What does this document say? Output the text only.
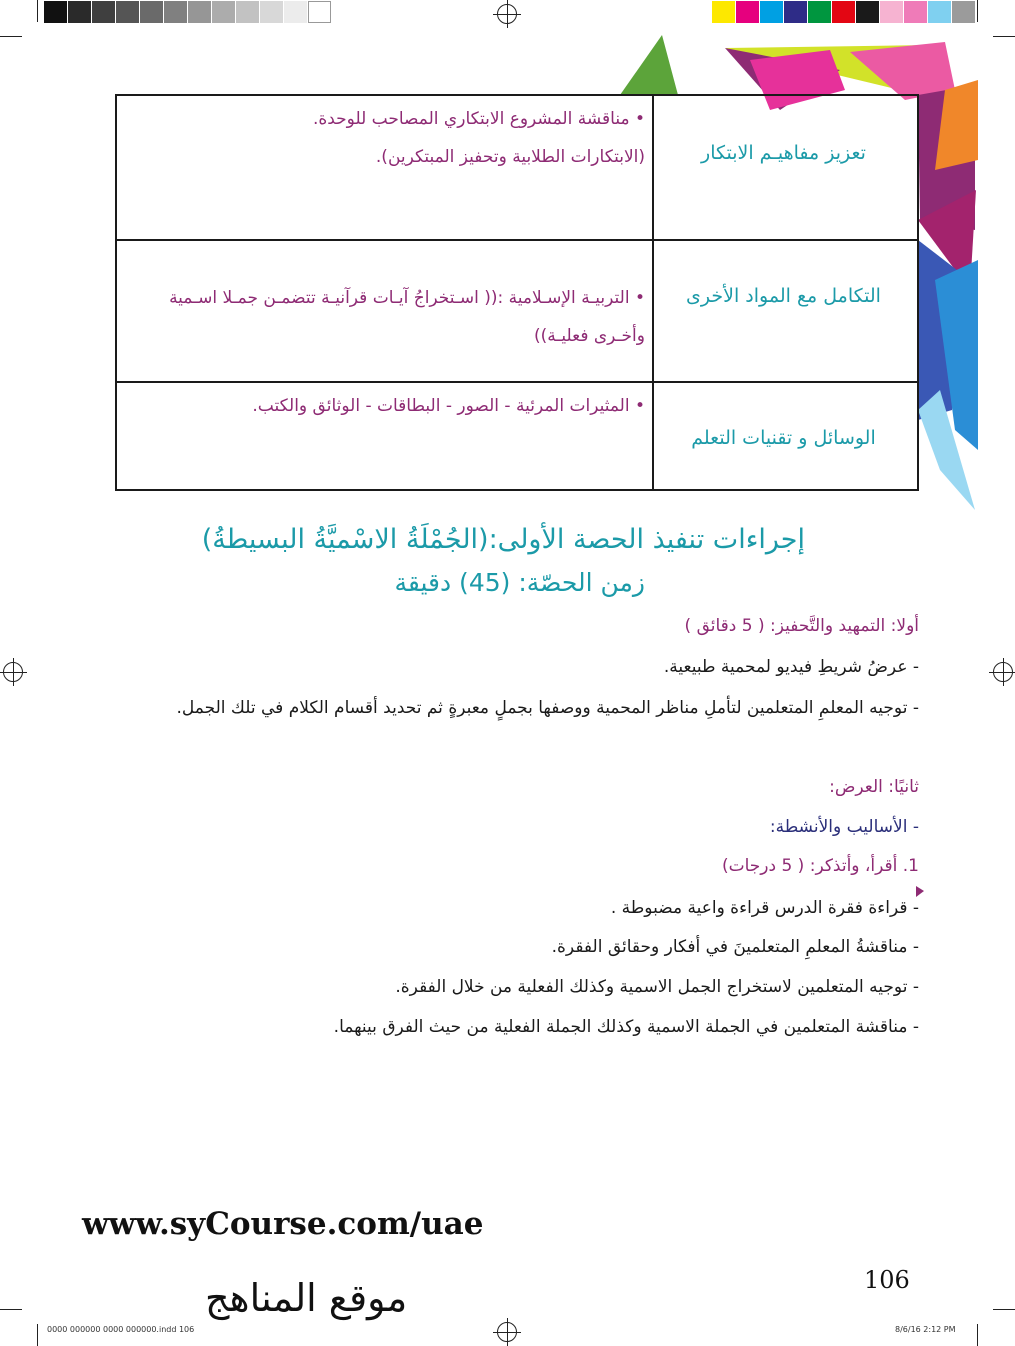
تعزيز مفاهيـم الابتكار
• مناقشة المشروع الابتكاري المصاحب للوحدة.
(الابتكارات الطلابية وتحفيز المبتكرين).
التكامل مع المواد الأخرى
• التربيـة الإسـلامية :(( اسـتخراجُ آيـات قرآنيـة تتضمـن جمـلا اسـمية
وأخـرى فعليـة))
الوسائل و تقنيات التعلم
• المثيرات المرئية - الصور - البطاقات - الوثائق والكتب.
إجراءات تنفيذ الحصة الأولى:(الجُمْلَةُ الاسْميَّةُ البسيطةُ)
زمن الحصّة: (45) دقيقة
أولا: التمهيد والتَّحفيز: ( 5 دقائق )
- عرضُ شريطِ فيديو لمحمية طبيعية.
- توجيه المعلمِ المتعلمين لتأملِ مناظر المحمية ووصفها بجملٍ معبرةٍ ثم تحديد أقسام الكلام في تلك الجمل.
ثانيًا: العرض:
- الأساليب والأنشطة:
1. أقرأ، وأتذكر: ( 5 درجات)
- قراءة فقرة الدرس قراءة واعية مضبوطة .
- مناقشةُ المعلمِ المتعلمينَ في أفكار وحقائق الفقرة.
- توجيه المتعلمين لاستخراج الجمل الاسمية وكذلك الفعلية من خلال الفقرة.
- مناقشة المتعلمين في الجملة الاسمية وكذلك الجملة الفعلية من حيث الفرق بينهما.
www.syCourse.com/uae
موقع المناهج	106
0000 000000 0000 000000.indd 106	8/6/16 2:12 PM
